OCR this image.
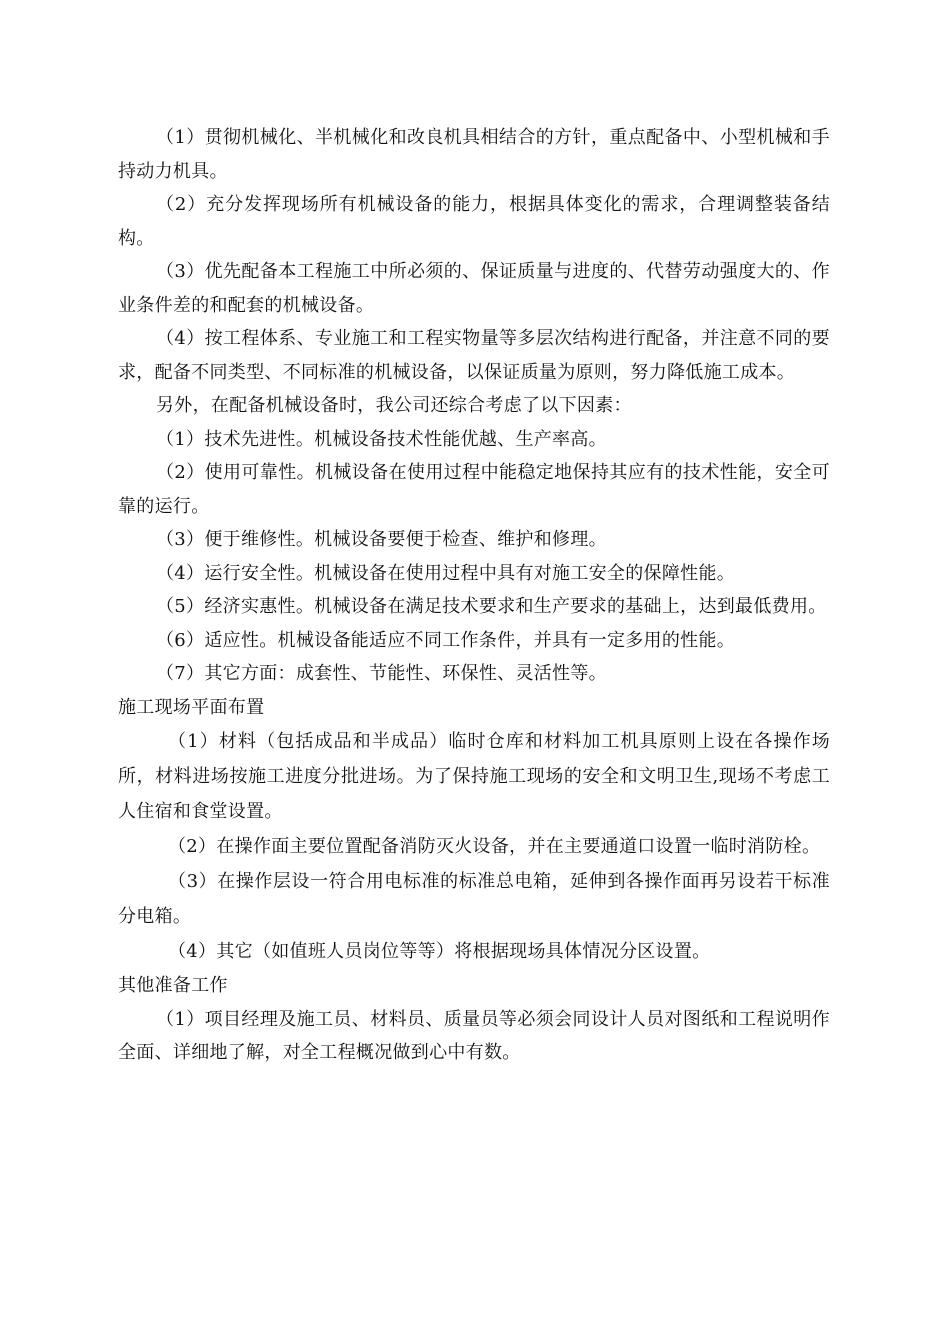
（1）贯彻机械化、半机械化和改良机具相结合的方针，重点配备中、小型机械和手持动力机具。

（2）充分发挥现场所有机械设备的能力，根据具体变化的需求，合理调整装备结构。

（3）优先配备本工程施工中所必须的、保证质量与进度的、代替劳动强度大的、作业条件差的和配套的机械设备。

（4）按工程体系、专业施工和工程实物量等多层次结构进行配备，并注意不同的要求，配备不同类型、不同标准的机械设备，以保证质量为原则，努力降低施工成本。

另外，在配备机械设备时，我公司还综合考虑了以下因素：

（1）技术先进性。机械设备技术性能优越、生产率高。

（2）使用可靠性。机械设备在使用过程中能稳定地保持其应有的技术性能，安全可靠的运行。

（3）便于维修性。机械设备要便于检查、维护和修理。

（4）运行安全性。机械设备在使用过程中具有对施工安全的保障性能。

（5）经济实惠性。机械设备在满足技术要求和生产要求的基础上，达到最低费用。

（6）适应性。机械设备能适应不同工作条件，并具有一定多用的性能。

（7）其它方面：成套性、节能性、环保性、灵活性等。

施工现场平面布置

（1）材料（包括成品和半成品）临时仓库和材料加工机具原则上设在各操作场所，材料进场按施工进度分批进场。为了保持施工现场的安全和文明卫生,现场不考虑工人住宿和食堂设置。

（2）在操作面主要位置配备消防灭火设备，并在主要通道口设置一临时消防栓。

（3）在操作层设一符合用电标准的标准总电箱，延伸到各操作面再另设若干标准分电箱。

（4）其它（如值班人员岗位等等）将根据现场具体情况分区设置。

其他准备工作

（1）项目经理及施工员、材料员、质量员等必须会同设计人员对图纸和工程说明作全面、详细地了解，对全工程概况做到心中有数。
